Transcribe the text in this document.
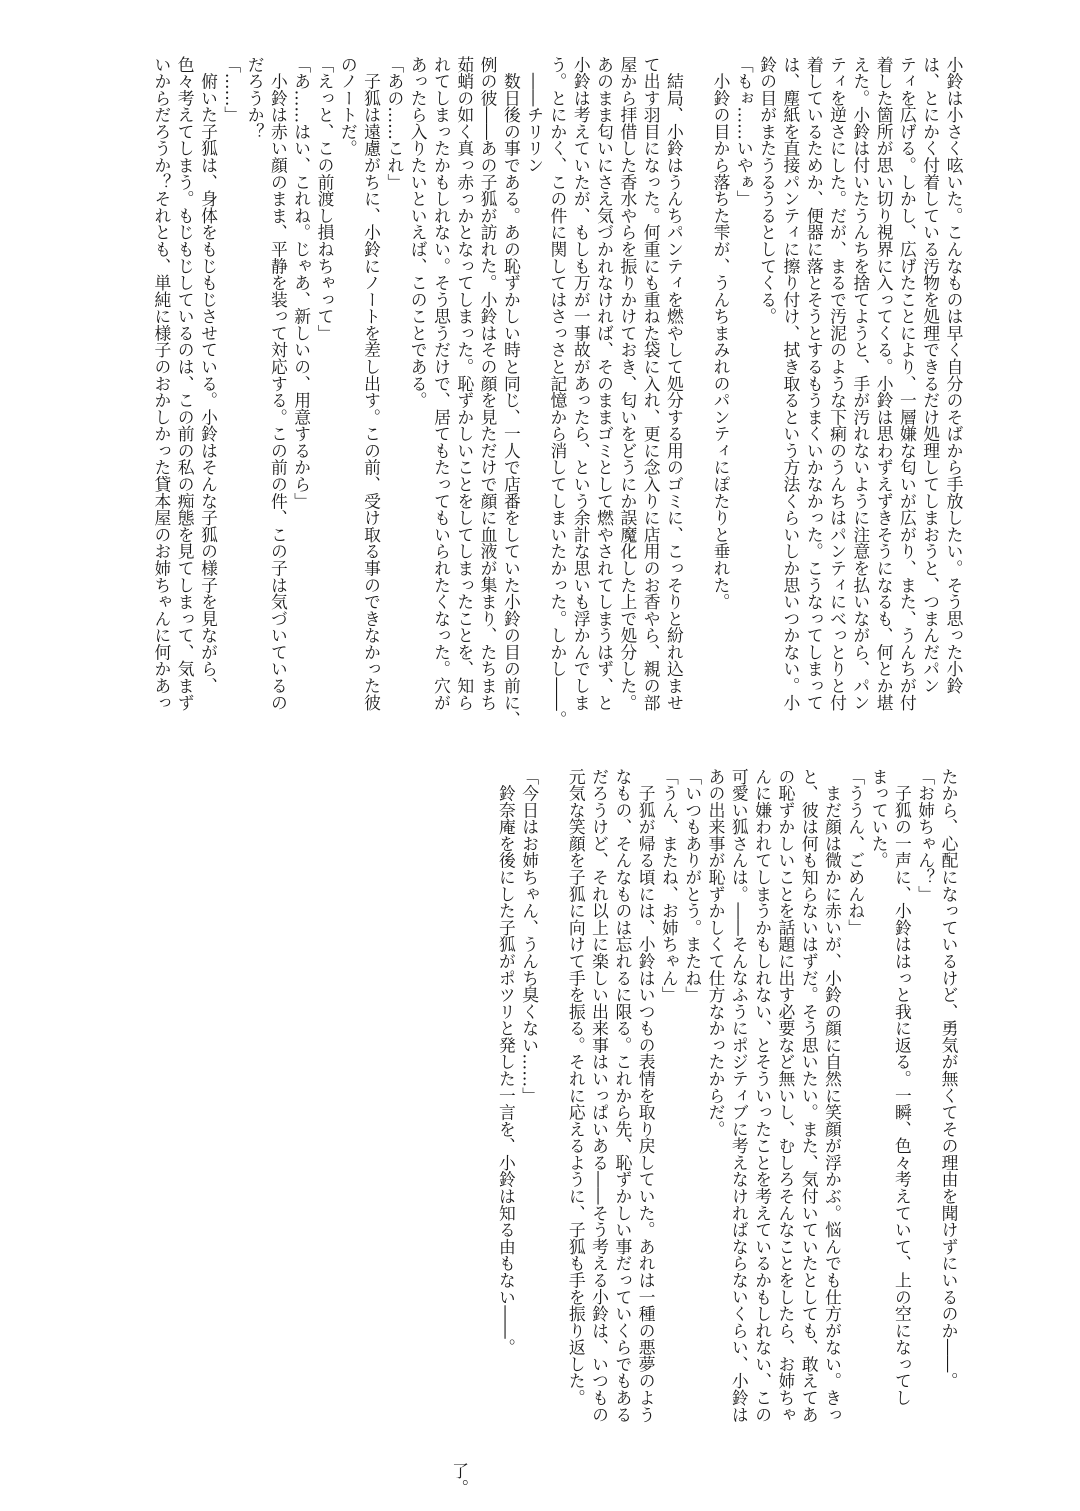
小鈴は小さく呟いた。こんなものは早く自分のそばから手放したい。そう思った小鈴
は、とにかく付着している汚物を処理できるだけ処理してしまおうと、つまんだパン
ティを広げる。しかし、広げたことにより、一層嫌な匂いが広がり、また、うんちが付
着した箇所が思い切り視界に入ってくる。小鈴は思わずえずきそうになるも、何とか堪
えた。小鈴は付いたうんちを捨てようと、手が汚れないように注意を払いながら、パン
ティを逆さにした。だが、まるで汚泥のような下痢のうんちはパンティにべっとりと付
着しているためか、便器に落とそうとするもうまくいかなかった。こうなってしまって
は、塵紙を直接パンティに擦り付け、拭き取るという方法くらいしか思いつかない。小
鈴の目がまたうるうるとしてくる。
「もぉ……いやぁ」
　小鈴の目から落ちた雫が、うんちまみれのパンティにぽたりと垂れた。

　結局、小鈴はうんちパンティを燃やして処分する用のゴミに、こっそりと紛れ込ませ
て出す羽目になった。何重にも重ねた袋に入れ、更に念入りに店用のお香やら、親の部
屋から拝借した香水やらを振りかけておき、匂いをどうにか誤魔化した上で処分した。
あのまま匂いにさえ気づかれなければ、そのままゴミとして燃やされてしまうはず、と
小鈴は考えていたが、もしも万が一事故があったら、という余計な思いも浮かんでしま
う。とにかく、この件に関してはさっさと記憶から消してしまいたかった。しかし――。
　――チリリン
　数日後の事である。あの恥ずかしい時と同じ、一人で店番をしていた小鈴の目の前に、
例の彼――あの子狐が訪れた。小鈴はその顔を見ただけで顔に血液が集まり、たちまち
茹蛸の如く真っ赤っかとなってしまった。恥ずかしいことをしてしまったことを、知ら
れてしまったかもしれない。そう思うだけで、居てもたってもいられたくなった。穴が
あったら入りたいといえば、このことである。
「あの……これ」
　子狐は遠慮がちに、小鈴にノートを差し出す。この前、受け取る事のできなかった彼
のノートだ。
「えっと、この前渡し損ねちゃって」
「あ……はい、これね。じゃあ、新しいの、用意するから」
　小鈴は赤い顔のまま、平静を装って対応する。この前の件、この子は気づいているの
だろうか？
「……」
　俯いた子狐は、身体をもじもじさせている。小鈴はそんな子狐の様子を見ながら、
色々考えてしまう。もじもじしているのは、この前の私の痴態を見てしまって、気まず
いからだろうか？それとも、単純に様子のおかしかった貸本屋のお姉ちゃんに何かあっ
たから、心配になっているけど、勇気が無くてその理由を聞けずにいるのか――。
「お姉ちゃん？」
　子狐の一声に、小鈴ははっと我に返る。一瞬、色々考えていて、上の空になってし
まっていた。
「ううん、ごめんね」
　まだ顔は微かに赤いが、小鈴の顔に自然に笑顔が浮かぶ。悩んでも仕方がない。きっ
と、彼は何も知らないはずだ。そう思いたい。また、気付いていたとしても、敢えてあ
の恥ずかしいことを話題に出す必要など無いし、むしろそんなことをしたら、お姉ちゃ
んに嫌われてしまうかもしれない、とそういったことを考えているかもしれない、この
可愛い狐さんは。――そんなふうにポジティブに考えなければならないくらい、小鈴は
あの出来事が恥ずかしくて仕方なかったからだ。
「いつもありがとう。またね」
「うん、またね、お姉ちゃん」
　子狐が帰る頃には、小鈴はいつもの表情を取り戻していた。あれは一種の悪夢のよう
なもの、そんなものは忘れるに限る。これから先、恥ずかしい事だっていくらでもある
だろうけど、それ以上に楽しい出来事はいっぱいある――そう考える小鈴は、いつもの
元気な笑顔を子狐に向けて手を振る。それに応えるように、子狐も手を振り返した。

「今日はお姉ちゃん、うんち臭くない……」
　鈴奈庵を後にした子狐がポツリと発した一言を、小鈴は知る由もない――。
了。
